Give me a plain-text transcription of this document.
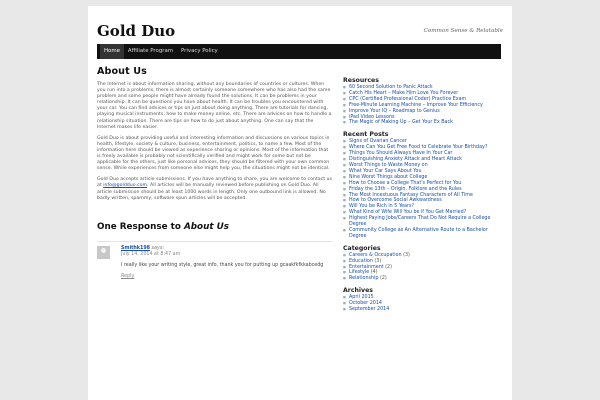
Gold Duo	Common Sense & Relatable
Home	Affiliate Program	Privacy Policy
About Us

The Internet is about information sharing, without any boundaries of countries or cultures. When you run into a problems, there is almost certainly someone somewhere who has also had the same problem and some people might have already found the solutions. It can be problems in your relationship. It can be questions you have about health. It can be troubles you encountered with your car. You can find advices or tips on just about doing anything. There are tutorials for dancing, playing musical instruments, how to make money online, etc. There are advices on how to handle a relationship situation. There are tips on how to do just about anything. One can say that the Internet makes life easier.

Gold Duo is about providing useful and interesting information and discussions on various topics in health, lifestyle, society & culture, business, entertainment, politics, to name a few. Most of the information here should be viewed as experience sharing or opinions. Most of the information that is freely available is probably not scientifically verified and might work for some but not be applicable for the others, just like personal advices, they should be filtered with your own common sense. While experiences from someone else might help you, the situations might not be identical.

Gold Duo accepts article submissions. If you have anything to share, you are welcome to contact us at info@goldduo.com. All articles will be manually reviewed before publishing on Gold Duo. All article submission should be at least 1000 words in length. Only one outbound link is allowed. No badly written, spammy, software spun articles will be accepted.

One Response to About Us
Smithk198 says:
July 14, 2014 at 8:47 am
I really like your writing style, great info, thank you for putting up gcaakfkfkkabcedg
Reply
Resources
■ 60 Second Solution to Panic Attack
■ Catch His Heart – Make Him Love You Forever
■ CPC (Certified Professional Coder) Practice Exam
■ Free-Minute Learning Machine – Improve Your Efficiency
■ Improve Your IQ – Roadmap to Genius
■ iPad Video Lessons
■ The Magic of Making Up – Get Your Ex Back
Recent Posts
■ Signs of Ovarian Cancer
■ Where Can You Get Free Food to Celebrate Your Birthday?
■ Things You Should Always Have In Your Car
■ Distinguishing Anxiety Attack and Heart Attack
■ Worst Things to Waste Money on
■ What Your Car Says About You
■ Nine Worst Things about College
■ How to Choose a College That's Perfect for You
■ Friday the 13th – Origin, Folklore and the Rules
■ The Most Incestuous Fantasy Characters of All Time
■ How to Overcome Social Awkwardness
■ Will You be Rich in 5 Years?
■ What Kind of Wife Will You be if You Get Married?
■ Highest Paying Jobs/Careers That Do Not Require a College Degree
■ Community College as An Alternative Route to a Bachelor Degree
Categories
■ Careers & Occupation (3)
■ Education (3)
■ Entertainment (2)
■ Lifestyle (4)
■ Relationship (2)
Archives
■ April 2015
■ October 2014
■ September 2014
